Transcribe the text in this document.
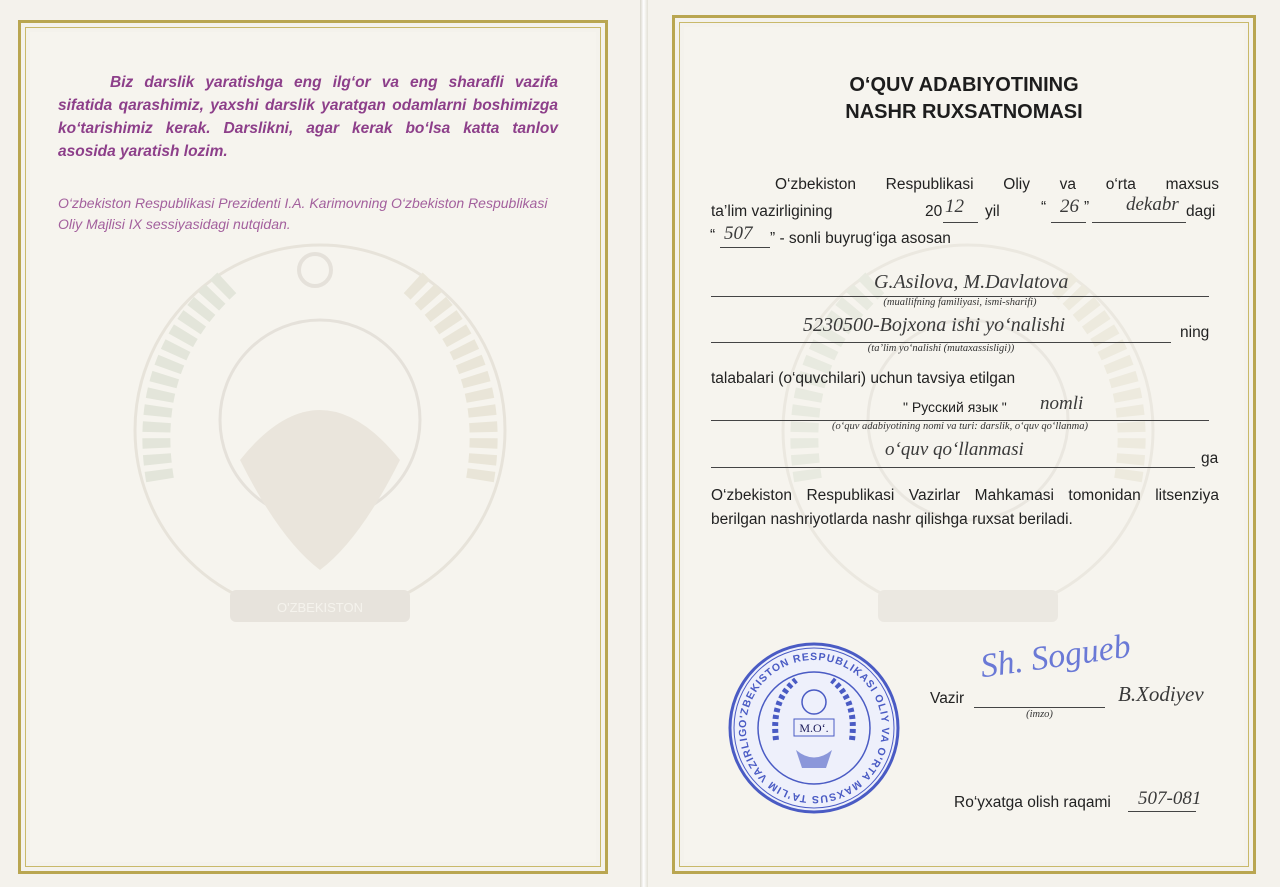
O'ZBEKISTON
Biz darslik yaratishga eng ilg‘or va eng sharafli vazifa sifatida qarashimiz, yaxshi darslik yaratgan odamlarni boshimizga ko‘tarishimiz kerak. Darslikni, agar kerak bo‘lsa katta tanlov asosida yaratish lozim.
O‘zbekiston Respublikasi Prezidenti I.A. Karimovning O‘zbekiston Respublikasi Oliy Majlisi IX sessiyasidagi nutqidan.
O‘QUV ADABIYOTINING
NASHR RUXSATNOMASI
O‘zbekiston Respublikasi Oliy va o‘rta maxsus
ta’lim vazirligining	20 12 yil	“ 26 ” dekabr dagi
“ 507 ” - sonli buyrug‘iga asosan
G.Asilova, M.Davlatova
(muallifning familiyasi, ismi-sharifi)
5230500-Bojxona ishi yo‘nalishi	ning
(ta’lim yo‘nalishi (mutaxassisligi))
talabalari (o‘quvchilari) uchun tavsiya etilgan
" Русский язык " nomli
(o‘quv adabiyotining nomi va turi: darslik, o‘quv qo‘llanma)
o‘quv qo‘llanmasi	ga
O‘zbekiston Respublikasi Vazirlar Mahkamasi tomonidan litsenziya berilgan nashriyotlarda nashr qilishga ruxsat beriladi.
O'ZBEKISTON RESPUBLIKASI OLIY VA O'RTA MAXSUS TA'LIM VAZIRLIG	M.O‘.
Vazir
(imzo)
Sh. Sogueb
B.Xodiyev
Ro‘yxatga olish raqami 507-081
